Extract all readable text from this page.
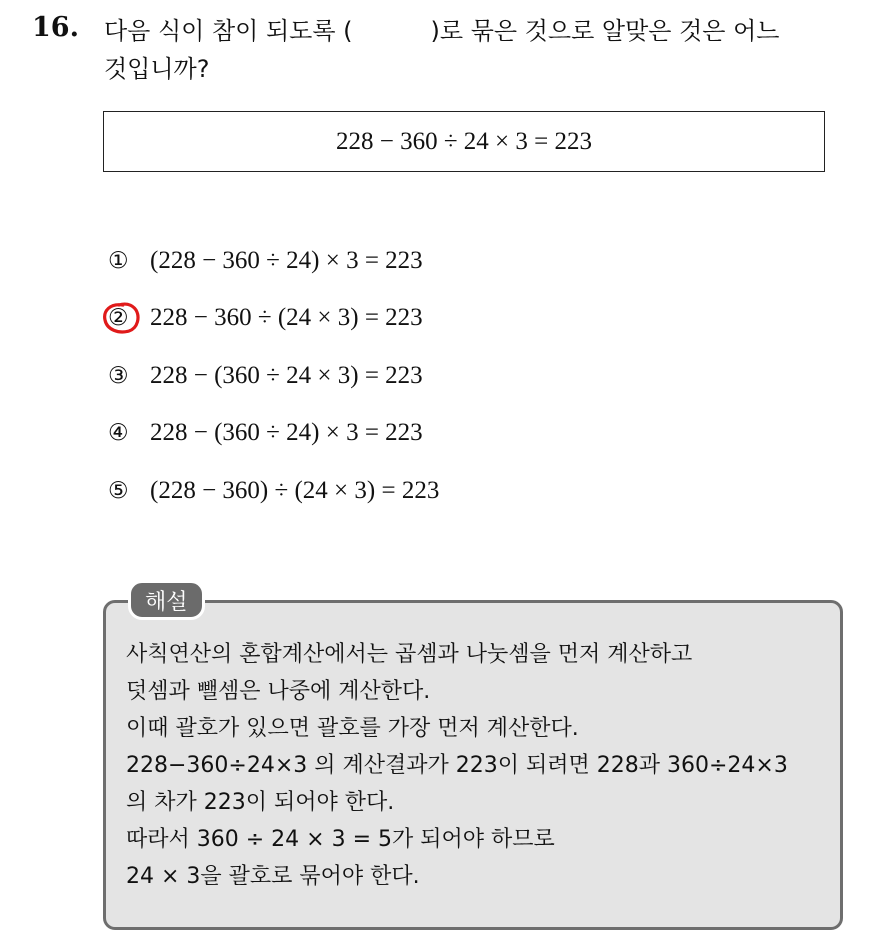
16. 다음 식이 참이 되도록 (	)로 묶은 것으로 알맞은 것은 어느
것입니까?
228 − 360 ÷ 24 × 3 = 223
① (228 − 360 ÷ 24) × 3 = 223
② 228 − 360 ÷ (24 × 3) = 223
③ 228 − (360 ÷ 24 × 3) = 223
④ 228 − (360 ÷ 24) × 3 = 223
⑤ (228 − 360) ÷ (24 × 3) = 223
해설
사칙연산의 혼합계산에서는 곱셈과 나눗셈을 먼저 계산하고
덧셈과 뺄셈은 나중에 계산한다.
이때 괄호가 있으면 괄호를 가장 먼저 계산한다.
228−360÷24×3 의 계산결과가 223이 되려면 228과 360÷24×3
의 차가 223이 되어야 한다.
따라서 360 ÷ 24 × 3 = 5가 되어야 하므로
24 × 3을 괄호로 묶어야 한다.
